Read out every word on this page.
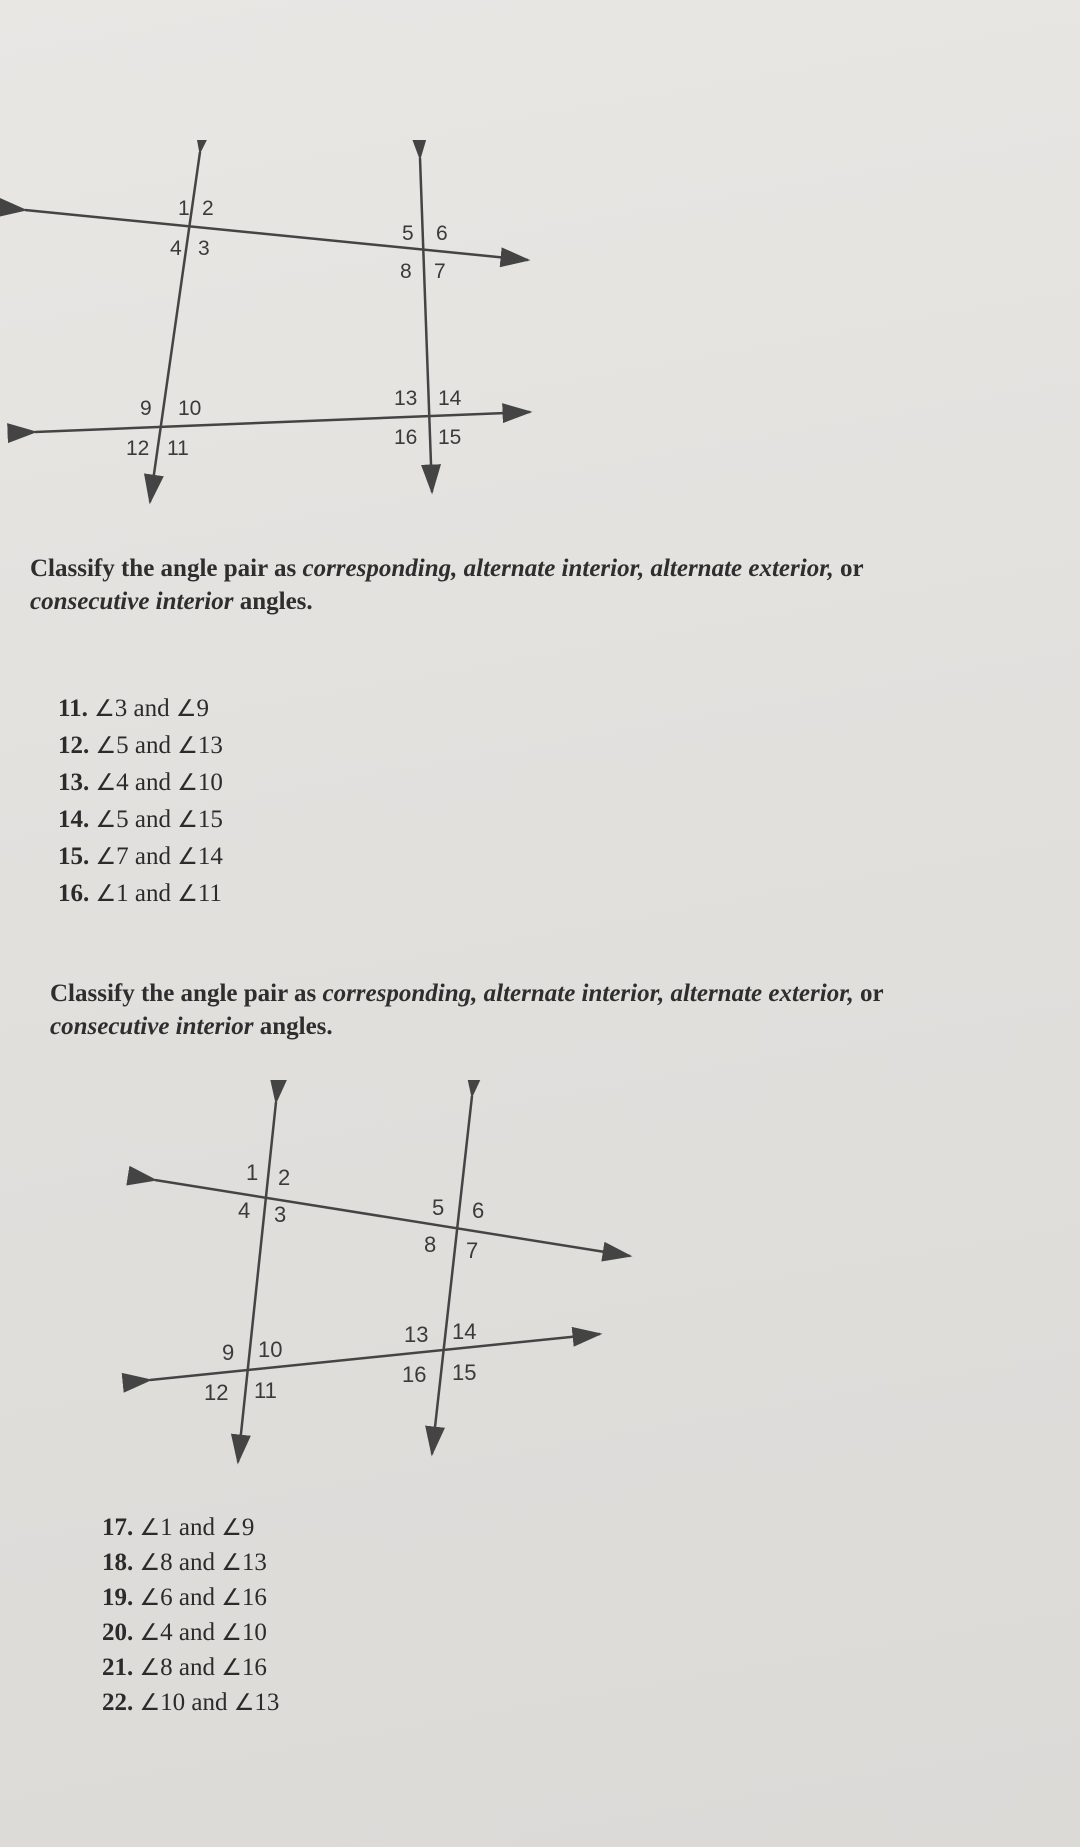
1 2
4 3
5 6
8 7
9 10
12 11
13 14
16 15
Classify the angle pair as corresponding, alternate interior, alternate exterior, or
consecutive interior angles.
11. ∠3 and ∠9
12. ∠5 and ∠13
13. ∠4 and ∠10
14. ∠5 and ∠15
15. ∠7 and ∠14
16. ∠1 and ∠11
Classify the angle pair as corresponding, alternate interior, alternate exterior, or
consecutive interior angles.
1 2
4 3	5 6
8 7
9 10
12 11
13 14
16 15
17. ∠1 and ∠9
18. ∠8 and ∠13
19. ∠6 and ∠16
20. ∠4 and ∠10
21. ∠8 and ∠16
22. ∠10 and ∠13
